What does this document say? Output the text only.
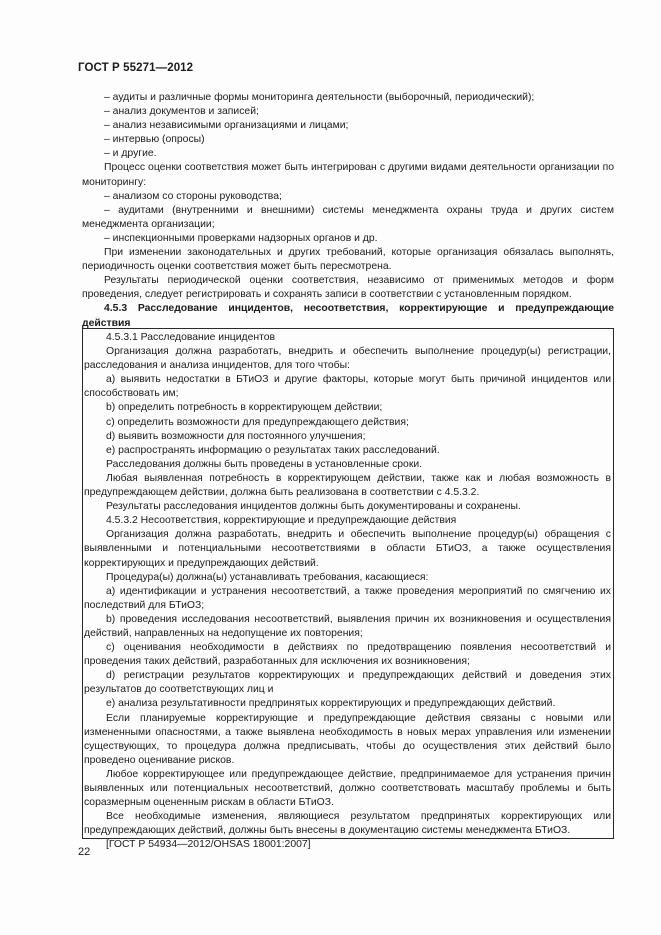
ГОСТ Р 55271—2012

– аудиты и различные формы мониторинга деятельности (выборочный, периодический);

– анализ документов и записей;

– анализ независимыми организациями и лицами;

– интервью (опросы)

– и другие.

Процесс оценки соответствия может быть интегрирован с другими видами деятельности организации по мониторингу:

– анализом со стороны руководства;

– аудитами (внутренними и внешними) системы менеджмента охраны труда и других систем менеджмента организации;

– инспекционными проверками надзорных органов и др.

При изменении законодательных и других требований, которые организация обязалась выполнять, периодичность оценки соответствия может быть пересмотрена.

Результаты периодической оценки соответствия, независимо от применимых методов и форм проведения, следует регистрировать и сохранять записи в соответствии с установленным порядком.

4.5.3 Расследование инцидентов, несоответствия, корректирующие и предупреждающие действия

4.5.3.1 Расследование инцидентов

Организация должна разработать, внедрить и обеспечить выполнение процедур(ы) регистрации, расследования и анализа инцидентов, для того чтобы:

а) выявить недостатки в БТиОЗ и другие факторы, которые могут быть причиной инцидентов или способствовать им;

b) определить потребность в корректирующем действии;

c) определить возможности для предупреждающего действия;

d) выявить возможности для постоянного улучшения;

e) распространять информацию о результатах таких расследований.

Расследования должны быть проведены в установленные сроки.

Любая выявленная потребность в корректирующем действии, также как и любая возможность в предупреждающем действии, должна быть реализована в соответствии с 4.5.3.2.

Результаты расследования инцидентов должны быть документированы и сохранены.

4.5.3.2 Несоответствия, корректирующие и предупреждающие действия

Организация должна разработать, внедрить и обеспечить выполнение процедур(ы) обращения с выявленными и потенциальными несоответствиями в области БТиОЗ, а также осуществления корректирующих и предупреждающих действий.

Процедура(ы) должна(ы) устанавливать требования, касающиеся:

а) идентификации и устранения несоответствий, а также проведения мероприятий по смягчению их последствий для БТиОЗ;

b) проведения исследования несоответствий, выявления причин их возникновения и осуществления действий, направленных на недопущение их повторения;

c) оценивания необходимости в действиях по предотвращению появления несоответствий и проведения таких действий, разработанных для исключения их возникновения;

d) регистрации результатов корректирующих и предупреждающих действий и доведения этих результатов до соответствующих лиц и

e) анализа результативности предпринятых корректирующих и предупреждающих действий.

Если планируемые корректирующие и предупреждающие действия связаны с новыми или измененными опасностями, а также выявлена необходимость в новых мерах управления или изменении существующих, то процедура должна предписывать, чтобы до осуществления этих действий было проведено оценивание рисков.

Любое корректирующее или предупреждающее действие, предпринимаемое для устранения причин выявленных или потенциальных несоответствий, должно соответствовать масштабу проблемы и быть соразмерным оцененным рискам в области БТиОЗ.

Все необходимые изменения, являющиеся результатом предпринятых корректирующих или предупреждающих действий, должны быть внесены в документацию системы менеджмента БТиОЗ.

[ГОСТ Р 54934—2012/OHSAS 18001:2007]

22
